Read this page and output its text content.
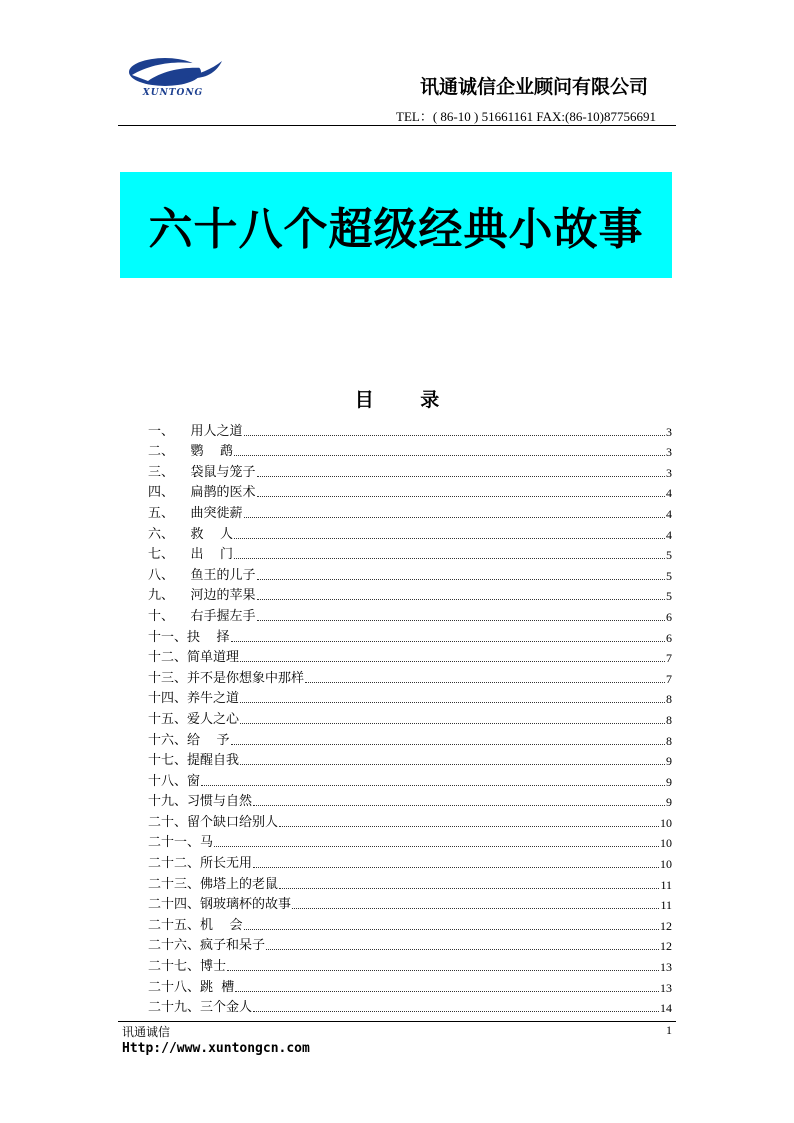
XUNTONG	讯通诚信企业顾问有限公司
TEL：( 86-10 ) 51661161 FAX:(86-10)87756691
六十八个超级经典小故事
目 录
一、 用人之道	3
二、 鹦    鹉	3
三、 袋鼠与笼子	3
四、 扁鹊的医术	4
五、 曲突徙薪	4
六、 救    人	4
七、 出    门	5
八、 鱼王的儿子	5
九、 河边的苹果	5
十、 右手握左手	6
十一、 抉    择	6
十二、 简单道理	7
十三、 并不是你想象中那样	7
十四、 养牛之道	8
十五、 爱人之心	8
十六、 给    予	8
十七、 提醒自我	9
十八、 窗	9
十九、 习惯与自然	9
二十、 留个缺口给别人	10
二十一、 马	10
二十二、 所长无用	10
二十三、 佛塔上的老鼠	11
二十四、 钢玻璃杯的故事	11
二十五、 机    会	12
二十六、 疯子和呆子	12
二十七、 博士	13
二十八、 跳  槽	13
二十九、 三个金人	14
讯通诚信	1
Http://www.xuntongcn.com
